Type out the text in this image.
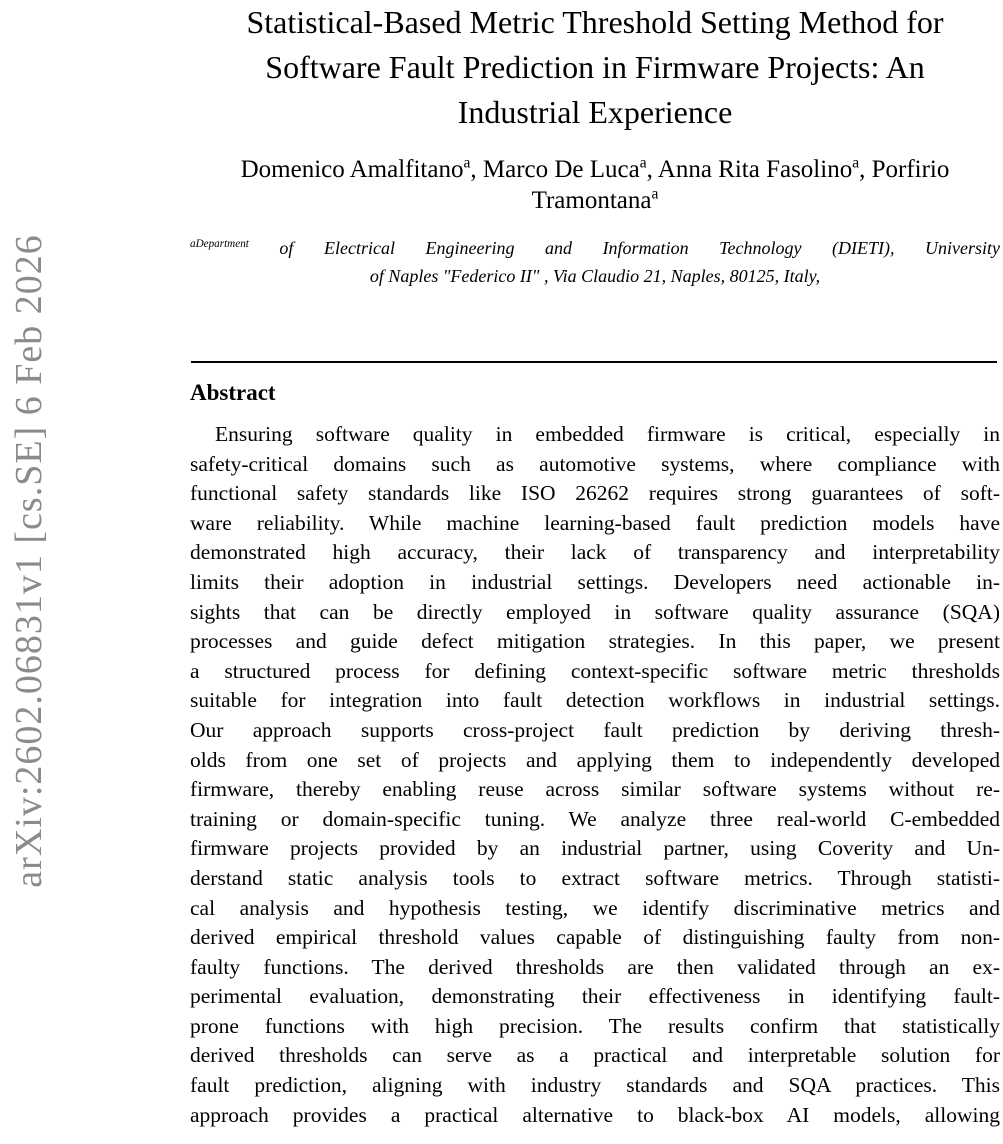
arXiv:2602.06831v1 [cs.SE] 6 Feb 2026
Statistical-Based Metric Threshold Setting Method for
Software Fault Prediction in Firmware Projects: An
Industrial Experience
Domenico Amalfitano$^a$, Marco De Luca$^a$, Anna Rita Fasolino$^a$, Porfirio
Tramontana$^a$
$^{aDepartment}$ of Electrical Engineering and Information Technology (DIETI), University
of Naples "Federico II" , Via Claudio 21, Naples, 80125, Italy,
Abstract
Ensuring software quality in embedded firmware is critical, especially in
safety-critical domains such as automotive systems, where compliance with
functional safety standards like ISO 26262 requires strong guarantees of soft-
ware reliability. While machine learning-based fault prediction models have
demonstrated high accuracy, their lack of transparency and interpretability
limits their adoption in industrial settings. Developers need actionable in-
sights that can be directly employed in software quality assurance (SQA)
processes and guide defect mitigation strategies. In this paper, we present
a structured process for defining context-specific software metric thresholds
suitable for integration into fault detection workflows in industrial settings.
Our approach supports cross-project fault prediction by deriving thresh-
olds from one set of projects and applying them to independently developed
firmware, thereby enabling reuse across similar software systems without re-
training or domain-specific tuning. We analyze three real-world C-embedded
firmware projects provided by an industrial partner, using Coverity and Un-
derstand static analysis tools to extract software metrics. Through statisti-
cal analysis and hypothesis testing, we identify discriminative metrics and
derived empirical threshold values capable of distinguishing faulty from non-
faulty functions. The derived thresholds are then validated through an ex-
perimental evaluation, demonstrating their effectiveness in identifying fault-
prone functions with high precision. The results confirm that statistically
derived thresholds can serve as a practical and interpretable solution for
fault prediction, aligning with industry standards and SQA practices. This
approach provides a practical alternative to black-box AI models, allowing
